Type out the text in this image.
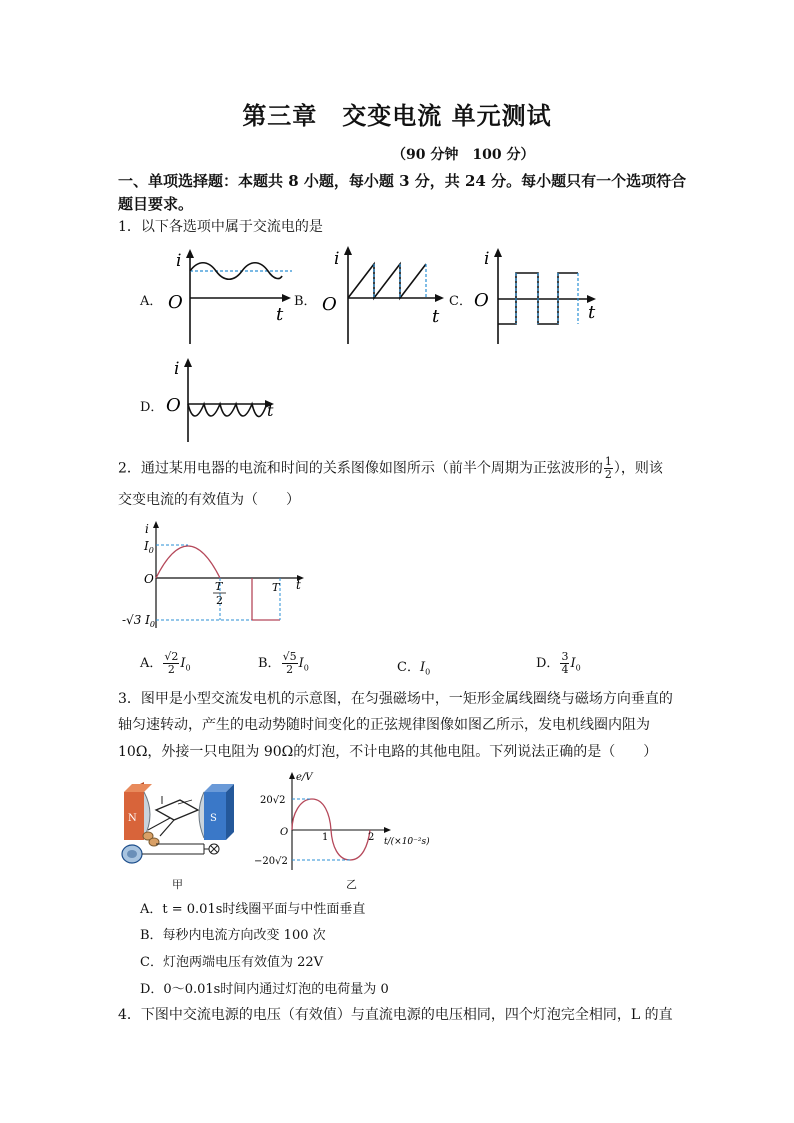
第三章　交变电流 单元测试
（90 分钟　100 分）
一、单项选择题：本题共 8 小题，每小题 3 分，共 24 分。每小题只有一个选项符合题目要求。
1．以下各选项中属于交流电的是
A．
i
O
t
B．
i
O
t
C．
i
O
t
D．
i
O	t
2．通过某用电器的电流和时间的关系图像如图所示（前半个周期为正弦波形的 $\frac{1}{2}$ ），则该
交变电流的有效值为（　　）
i
$I_0$
O
-√3 $I_0$
T
2
T t
A． $\frac{√2}{2} I_0$	B． $\frac{√5}{2} I_0$	C．$I_0$
D． $\frac{3}{4} I_0$
3．图甲是小型交流发电机的示意图，在匀强磁场中，一矩形金属线圈绕与磁场方向垂直的
轴匀速转动，产生的电动势随时间变化的正弦规律图像如图乙所示，发电机线圈内阻为
10Ω，外接一只电阻为 90Ω的灯泡，不计电路的其他电阻。下列说法正确的是（　　）
N	S
甲
e/V
20√2
O	1	2 t/(×10⁻²s)
−20√2
乙
A．t = 0.01s时线圈平面与中性面垂直
B．每秒内电流方向改变 100 次
C．灯泡两端电压有效值为 22V
D．0～0.01s时间内通过灯泡的电荷量为 0
4．下图中交流电源的电压（有效值）与直流电源的电压相同，四个灯泡完全相同，L 的直
